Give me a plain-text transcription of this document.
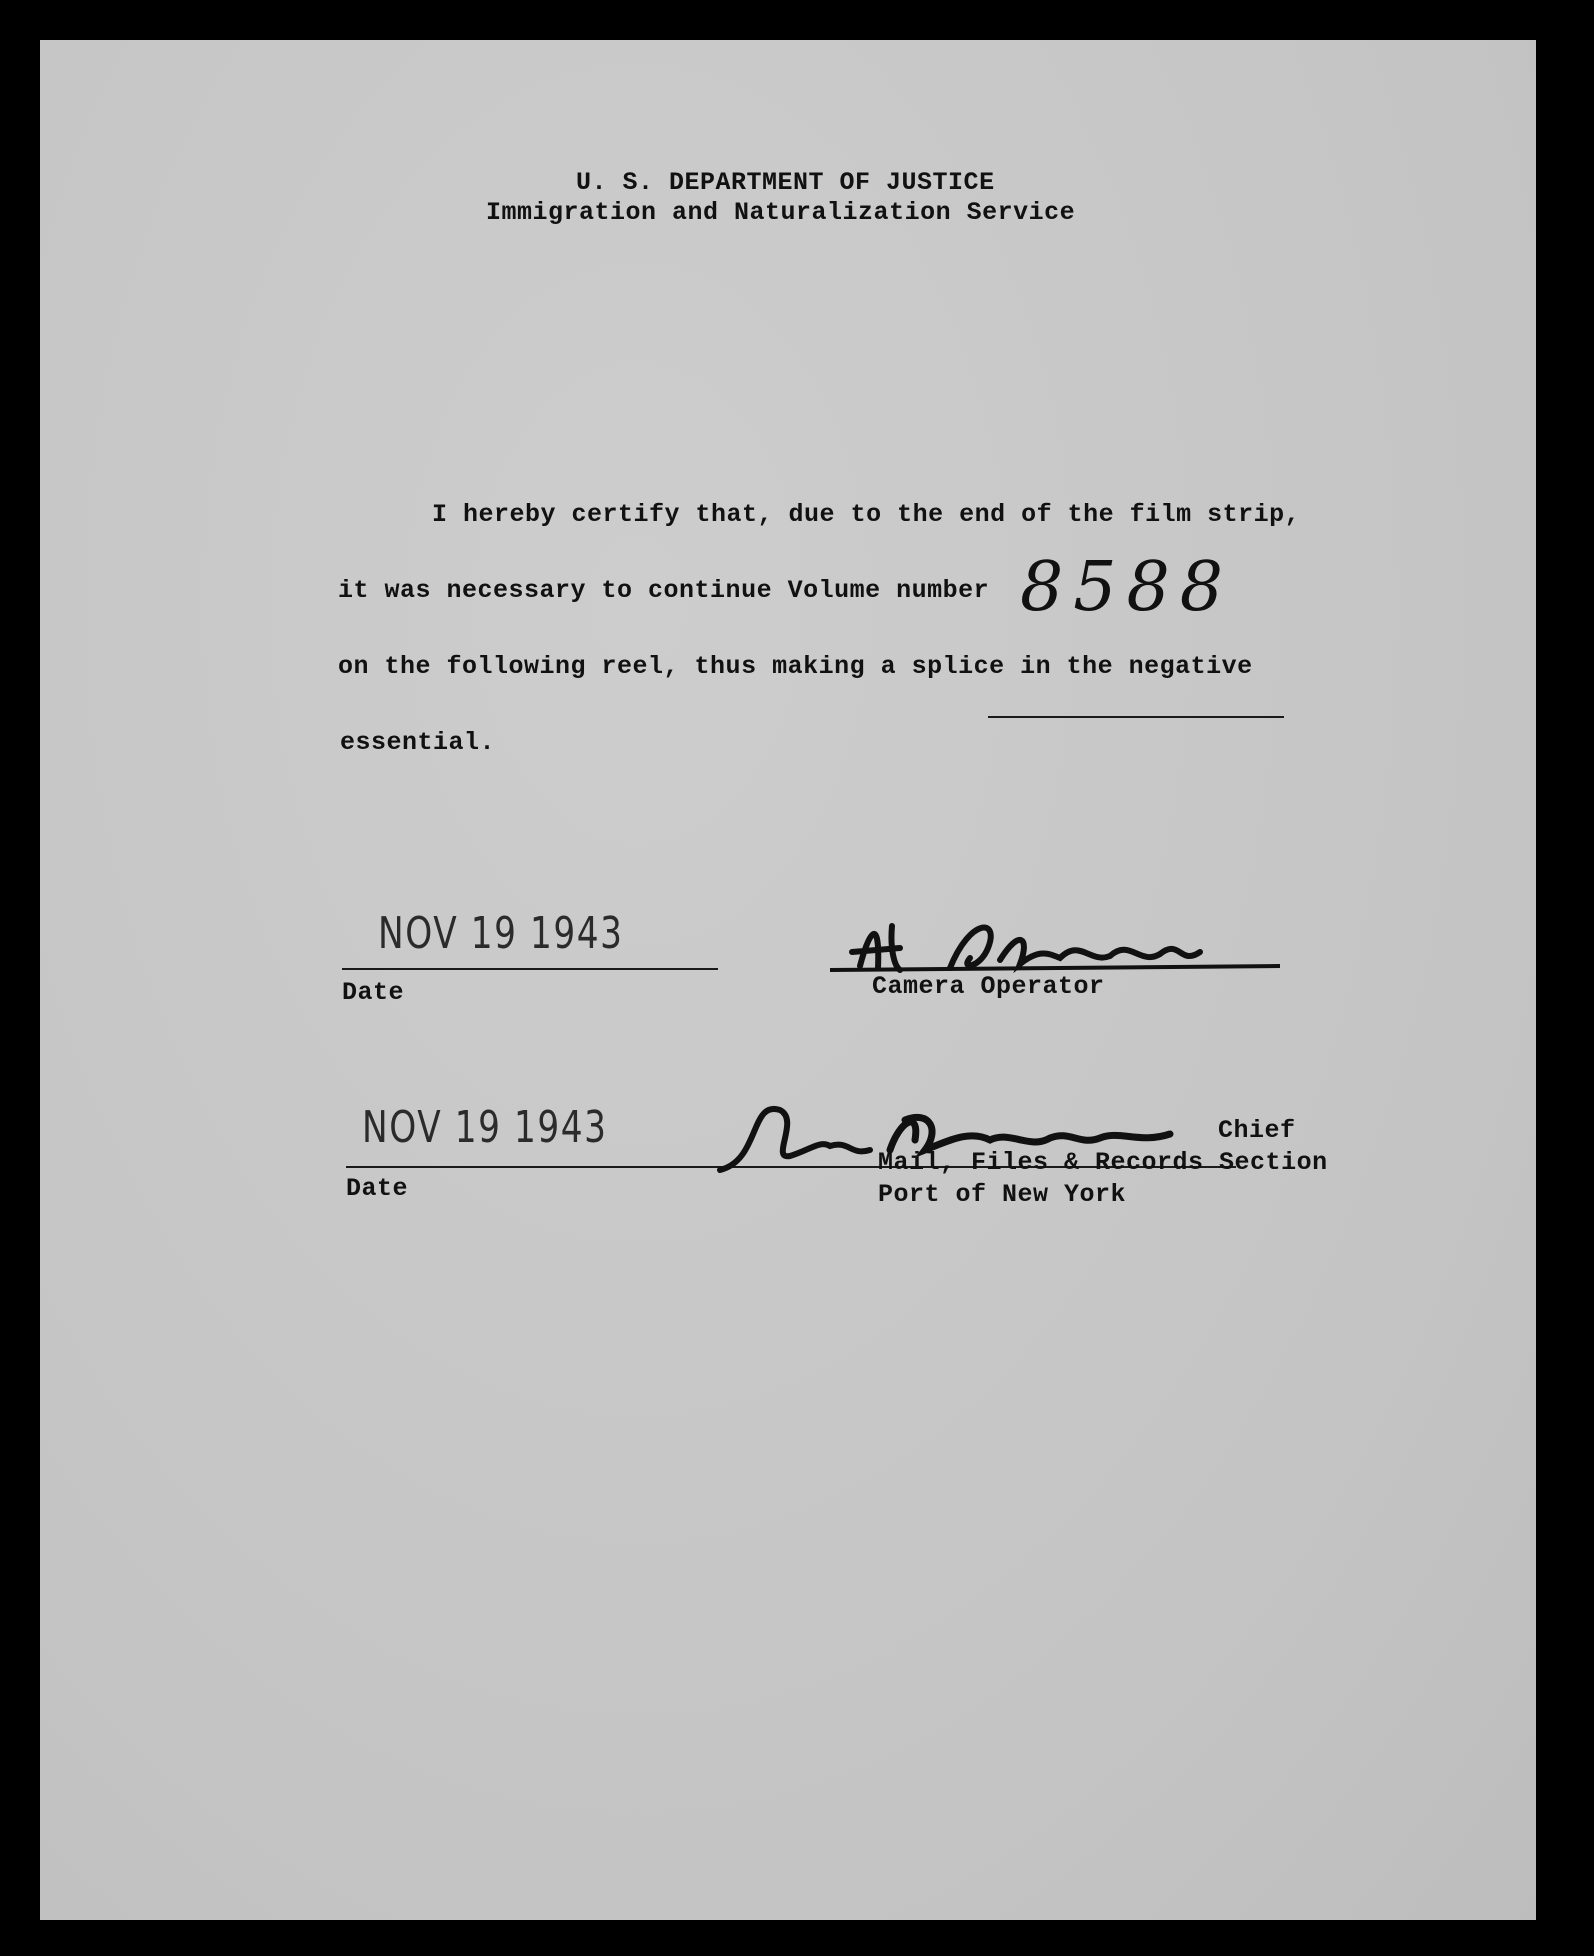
U. S. DEPARTMENT OF JUSTICE
Immigration and Naturalization Service
I hereby certify that, due to the end of the film strip,
it was necessary to continue Volume number 8588
on the following reel, thus making a splice in the negative
essential.
NOV 19 1943
Date	Camera Operator
NOV 19 1943
Date
Chief
Mail, Files & Records Section
Port of New York
